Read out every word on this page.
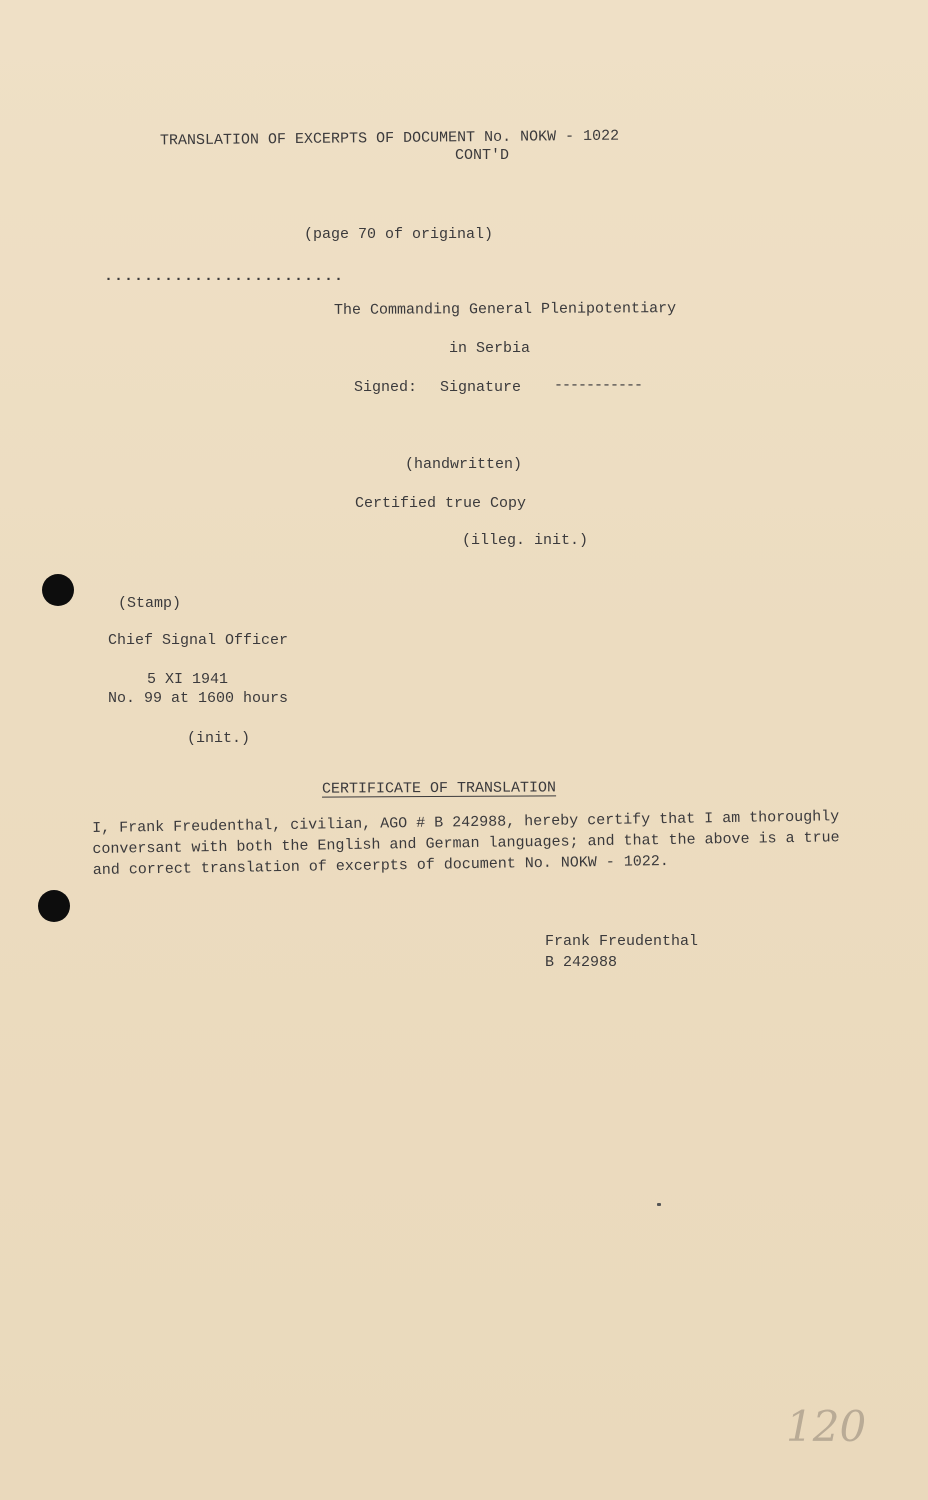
TRANSLATION OF EXCERPTS OF DOCUMENT No. NOKW - 1022
CONT'D
(page 70 of original)
........................
The Commanding General Plenipotentiary
in Serbia
Signed: Signature -----------
(handwritten)
Certified true Copy
(illeg. init.)
(Stamp)
Chief Signal Officer
5 XI 1941
No. 99 at 1600 hours
(init.)
CERTIFICATE OF TRANSLATION
I, Frank Freudenthal, civilian, AGO # B 242988, hereby certify that I am thoroughly conversant with both the English and German languages; and that the above is a true and correct translation of excerpts of document No. NOKW - 1022.
Frank Freudenthal
B 242988
120
